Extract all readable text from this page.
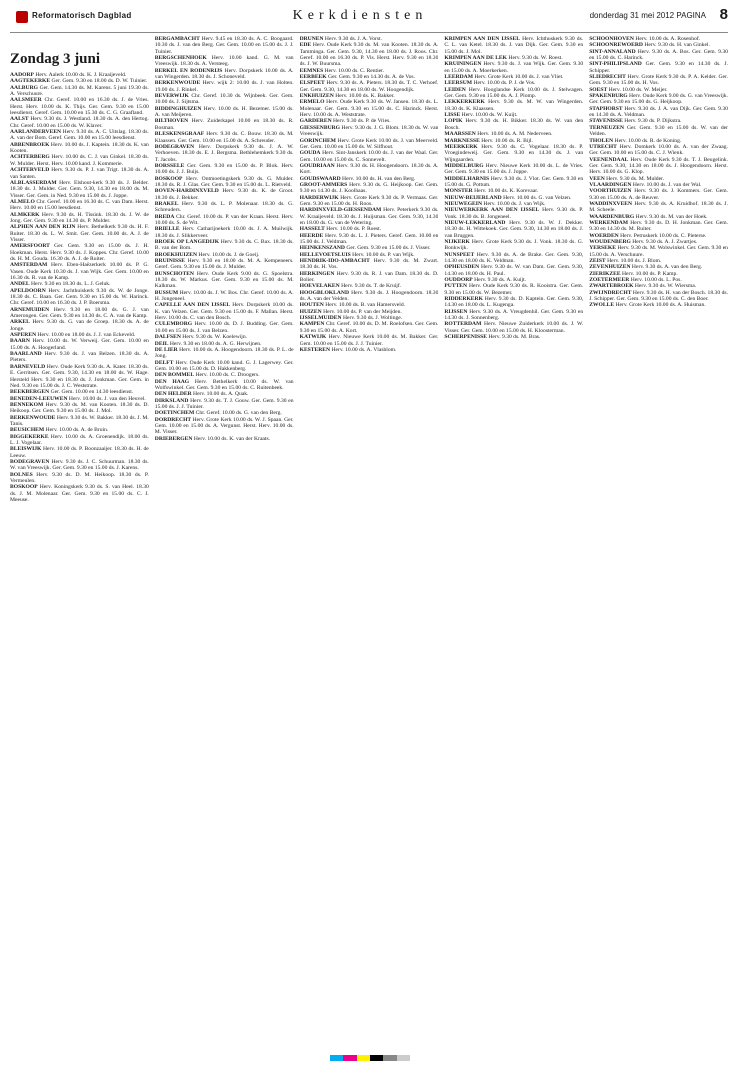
Reformatorisch Dagblad	Kerkdiensten	donderdag 31 mei 2012 PAGINA 8
Zondag 3 juni
AADORP Herv. Aalerk 10.00 ds. K. J. Kraaijeveld.
AAGTEKERKE Ger. Gem. 9.30 en 18.00 ds. D. W. Tuinier.
AALBURG Ger. Gem. 14.30 ds. M. Karens. 5 juni 19.30 ds. A. Verschuure.
AALSMEER Chr. Geref. 10.00 en 16.30 ds. J. de Vries. Herst. Herv. 10.00 ds. K. Thijs. Ger. Gem. 9.30 en 15.00 leesdienst. Geref. Gem. 10.00 en 15.30 ds. C. G. Graafland.
AALST Herv. 9.30 ds. J. Westland. 18.30 ds. A. den Hertog. Chr. Geref. 10.00 en 15.00 ds. W. Klaver.
AARLANDERVEEN Herv. 9.30 ds. A. C. Uitslag. 18.30 ds. A. van der Bom. Geref. Gem. 10.00 en 15.00 leesdienst.
ABBENBROEK Herv. 10.00 ds. J. Kaptein. 18.30 ds. K. van Kooten.
ACHTERBERG Herv. 10.00 ds. C. J. van Ginkel. 18.30 ds. W. Mulder. Herst. Herv. 10.00 kand. J. Kommerie.
ACHTERVELD Herv. 9.30 ds. P. J. van Trigt. 18.30 ds. A. van Santen.
ALBLASSERDAM Herv. Elshout-kerk 9.30 ds. J. Belder. 18.30 ds. J. Mulder. Ger. Gem. 9.30, 14.30 en 18.00 ds. M. Visser. Ger. Gem. in Ned. 9.30 en 15.00 ds. J. Joppe.
ALMELO Chr. Geref. 10.00 en 16.30 ds. C. van Dam. Herst. Herv. 10.00 en 15.00 leesdienst.
ALMKERK Herv. 9.30 ds. H. Tissink. 18.30 ds. J. W. de Jong. Ger. Gem. 9.30 en 14.30 ds. P. Mulder.
ALPHEN AAN DEN RIJN Herv. Bethelkerk 9.30 ds. H. F. Ruiter. 18.30 ds. L. W. Smit. Ger. Gem. 10.00 ds. A. J. de Visser.
AMERSFOORT Ger. Gem. 9.30 en 15.00 ds. J. H. Hoekman. Herst. Herv. 9.30 ds. J. Koppes. Chr. Geref. 10.00 ds. H. M. Gouda. 16.30 ds. A. J. de Ruiter.
AMSTERDAM Herv. Eben-Haëzerkerk 10.00 ds. P. G. Vasen. Oude Kerk 10.30 ds. J. van Wijk. Ger. Gem. 10.00 en 16.30 ds. R. van de Kamp.
ANDEL Herv. 9.30 en 18.30 ds. L. J. Geluk.
APELDOORN Herv. Jachthuiskerk 9.30 ds. W. de Jonge. 18.30 ds. C. Baan. Ger. Gem. 9.30 en 15.00 ds. W. Harinck. Chr. Geref. 10.00 en 16.30 ds. J. P. Boersma.
ARNEMUIDEN Herv. 9.30 en 18.00 ds. G. J. van Amerongen. Ger. Gem. 9.30 en 14.30 ds. C. A. van de Kamp.
ARKEL Herv. 9.30 ds. G. van de Groep. 18.30 ds. A. de Jonge.
ASPEREN Herv. 10.00 en 18.00 ds. J. J. van Eckeveld.
BAARN Herv. 10.00 ds. W. Verweij. Ger. Gem. 10.00 en 15.00 ds. A. Hoogerland.
BAARLAND Herv. 9.30 ds. J. van Belzen. 18.30 ds. A. Pieters.
BARNEVELD Herv. Oude Kerk 9.30 ds. A. Kater. 18.30 ds. E. Gerritsen. Ger. Gem. 9.30, 14.30 en 18.00 ds. W. Hage. Hersteld Herv. 9.30 en 18.30 ds. J. Jonkman. Ger. Gem. in Ned. 9.30 en 15.00 ds. J. C. Weststrate.
BEEKBERGEN Ger. Gem. 10.00 en 14.30 leesdienst.
BENEDEN-LEEUWEN Herv. 10.00 ds. J. van den Heuvel.
BENNEKOM Herv. 9.30 ds. M. van Kooten. 18.30 ds. D. Heikoop. Ger. Gem. 9.30 en 15.00 ds. J. Mol.
BERKENWOUDE Herv. 9.30 ds. W. Bakker. 18.30 ds. J. M. Tanis.
BEUSICHEM Herv. 10.00 ds. A. de Bruin.
BIGGEKERKE Herv. 10.00 ds. A. Groenendijk. 18.00 ds. L. J. Vogelaar.
BLEISWIJK Herv. 10.00 ds. P. Boonzaaijer. 18.30 ds. H. de Leeuw.
BODEGRAVEN Herv. 9.30 ds. J. C. Schuurman. 18.30 ds. W. van Vreeswijk. Ger. Gem. 9.30 en 15.00 ds. J. Karens.
BOLNES Herv. 9.30 ds. D. M. Heikoop. 18.30 ds. P. Vermeulen.
BOSKOOP Herv. Koningskerk 9.30 ds. S. van Heel. 18.30 ds. J. M. Molenaar. Ger. Gem. 9.30 en 15.00 ds. C. J. Meeuse.
BERGAMBACHT Herv. 9.45 en 18.30 ds. A. C. Boogaard. 10.30 ds. J. van den Berg. Ger. Gem. 10.00 en 15.00 ds. J. J. Tuinier.
BERGSCHENHOEK Herv. 10.00 kand. G. M. van Vreeswijk. 18.30 ds. A. Versteeg.
BERKEL EN RODENRIJS Herv. Dorpskerk 10.00 ds. A. van Wingerden. 18.30 ds. J. Schoneveld.
BERKENWOUDE Herv. wijk 2: 10.00 ds. J. van Holten. 19.00 ds. J. Rinkel.
BEVERWIJK Chr. Geref. 10.30 ds. Wijnbeek. Ger. Gem. 10.00 ds. J. Sijtsma.
BIDDINGHUIZEN Herv. 10.00 ds. H. Bezemer. 15.00 ds. A. van Meijeren.
BILTHOVEN Herv. Zuiderkapel 10.00 en 18.30 ds. R. Bosman.
BLESKENSGRAAF Herv. 9.30 ds. C. Bouw. 18.30 ds. M. Klaassen. Ger. Gem. 10.00 en 15.00 ds. A. Schreuder.
BODEGRAVEN Herv. Dorpskerk 9.30 ds. J. A. W. Verhoeven. 18.30 ds. E. J. Bergsma. Bethlehemkerk 9.30 ds. T. Jacobs.
BORSSELE Ger. Gem. 9.30 en 15.00 ds. P. Blok. Herv. 10.00 ds. J. J. Buijs.
BOSKOOP Herv. Ontmoetingskerk 9.30 ds. G. Mulder. 18.30 ds. R. J. Glas. Ger. Gem. 9.30 en 15.00 ds. L. Rietveld.
BOVEN-HARDINXVELD Herv. 9.30 ds. K. de Groot. 18.30 ds. J. Bekker.
BRAKEL Herv. 9.30 ds. L. P. Molenaar. 18.30 ds. G. Schreuders.
BREDA Chr. Geref. 10.00 ds. P. van der Kraan. Herst. Herv. 10.00 ds. S. de Wit.
BRIELLE Herv. Catharijnekerk 10.00 ds. J. A. Muilwijk. 18.30 ds. J. Slikkerveer.
BROEK OP LANGEDIJK Herv. 9.30 ds. C. Bax. 18.30 ds. B. van der Bom.
BROEKHUIZEN Herv. 10.00 ds. J. de Goeij.
BRUINISSE Herv. 9.30 en 18.00 ds. M. A. Kempeneers. Geref. Gem. 9.30 en 15.00 ds. J. Mulder.
BUNSCHOTEN Herv. Oude Kerk 9.00 ds. G. Spoelstra. 18.30 ds. W. Markus. Ger. Gem. 9.30 en 15.00 ds. M. Kalkman.
BUSSUM Herv. 10.00 ds. J. W. Bos. Chr. Geref. 10.00 ds. A. H. Jongeneel.
CAPELLE AAN DEN IJSSEL Herv. Dorpskerk 10.00 ds. K. van Velzen. Ger. Gem. 9.30 en 15.00 ds. F. Mallan. Herst. Herv. 10.00 ds. C. van den Bosch.
CULEMBORG Herv. 10.00 ds. D. J. Budding. Ger. Gem. 10.00 en 15.00 ds. J. van Belzen.
DALFSEN Herv. 9.30 ds. W. Koelewijn.
DEIL Herv. 9.30 en 18.00 ds. A. G. Herwijnen.
DE LIER Herv. 10.00 ds. A. Hoogendoorn. 18.30 ds. P. L. de Jong.
DELFT Herv. Oude Kerk 10.00 kand. G. J. Lagerwey. Ger. Gem. 10.00 en 15.00 ds. D. Hakkenberg.
DEN BOMMEL Herv. 10.00 ds. C. Droogers.
DEN HAAG Herv. Bethelkerk 10.00 ds. W. van Wolfswinkel. Ger. Gem. 9.30 en 15.00 ds. C. Ruitenbeek.
DEN HELDER Herv. 10.00 ds. A. Quak.
DIRKSLAND Herv. 9.30 ds. T. J. Gouw. Ger. Gem. 9.30 en 15.00 ds. J. J. Tuinier.
DOETINCHEM Chr. Geref. 10.00 ds. G. van den Berg.
DORDRECHT Herv. Grote Kerk 10.00 ds. W. J. Spaan. Ger. Gem. 10.00 en 15.00 ds. A. Vergunst. Herst. Herv. 10.00 ds. M. Visser.
DRIEBERGEN Herv. 10.00 ds. K. van der Kraats.
DRUNEN Herv. 9.30 ds. J. A. Vorst.
EDE Herv. Oude Kerk 9.30 ds. M. van Kooten. 18.30 ds. A. Tamminga. Ger. Gem. 9.30, 14.30 en 18.00 ds. J. Roos. Chr. Geref. 10.00 en 16.30 ds. P. Vis. Herst. Herv. 9.30 en 18.30 ds. J. W. Buursma.
EEMNES Herv. 10.00 ds. C. Rentier.
EERBEEK Ger. Gem. 9.30 en 14.30 ds. A. de Vos.
ELSPEET Herv. 9.30 ds. A. Pieters. 18.30 ds. T. C. Verhoef. Ger. Gem. 9.30, 14.30 en 18.00 ds. W. Hoogendijk.
ENKHUIZEN Herv. 10.00 ds. K. Bakker.
ERMELO Herv. Oude Kerk 9.30 ds. W. Jansen. 18.30 ds. L. Molenaar. Ger. Gem. 9.30 en 15.00 ds. C. Harinck. Herst. Herv. 10.00 ds. A. Weststrate.
GARDEREN Herv. 9.30 ds. P. de Vries.
GIESSENBURG Herv. 9.30 ds. J. G. Blom. 18.30 ds. W. van Vreeswijk.
GORINCHEM Herv. Grote Kerk 10.00 ds. J. van Meerveld. Ger. Gem. 10.00 en 15.00 ds. W. Silfhout.
GOUDA Herv. Sint-Janskerk 10.00 ds. J. van der Waal. Ger. Gem. 10.00 en 15.00 ds. C. Sonnevelt.
GOUDRIAAN Herv. 9.30 ds. H. Hoogendoorn. 18.30 ds. A. Kort.
GOUDSWAARD Herv. 10.00 ds. H. van den Berg.
GROOT-AMMERS Herv. 9.30 ds. G. Heijkoop. Ger. Gem. 9.30 en 14.30 ds. J. Koolhaas.
HARDERWIJK Herv. Grote Kerk 9.30 ds. P. Vermaas. Ger. Gem. 9.30 en 15.00 ds. H. Roos.
HARDINXVELD-GIESSENDAM Herv. Peterkerk 9.30 ds. W. Kraaijeveld. 18.30 ds. J. Huijsman. Ger. Gem. 9.30, 14.30 en 18.00 ds. G. van de Wetering.
HASSELT Herv. 10.00 ds. P. Roest.
HEERDE Herv. 9.30 ds. L. J. Pieters. Geref. Gem. 10.00 en 15.00 ds. J. Veldman.
HEINKENSZAND Ger. Gem. 9.30 en 15.00 ds. J. Visser.
HELLEVOETSLUIS Herv. 10.00 ds. P. van Wijk.
HENDRIK-IDO-AMBACHT Herv. 9.30 ds. M. Zwart. 18.30 ds. H. Vos.
HERKINGEN Herv. 9.30 ds. R. J. van Dam. 18.30 ds. D. Bolier.
HOEVELAKEN Herv. 9.30 ds. T. de Kruijf.
HOOGBLOKLAND Herv. 9.30 ds. J. Hoogendoorn. 18.30 ds. A. van der Velden.
HOUTEN Herv. 10.00 ds. B. van Hamersveld.
HUIZEN Herv. 10.00 ds. P. van der Meijden.
IJSSELMUIDEN Herv. 9.30 ds. J. Woltinge.
KAMPEN Chr. Geref. 10.00 ds. D. M. Roelofsen. Ger. Gem. 9.30 en 15.00 ds. A. Kort.
KATWIJK Herv. Nieuwe Kerk 10.00 ds. M. Bakker. Ger. Gem. 10.00 en 15.00 ds. J. J. Tuinier.
KESTEREN Herv. 10.00 ds. A. Vlasblom.
KRIMPEN AAN DEN IJSSEL Herv. Ichthuskerk 9.30 ds. C. L. van Ketel. 18.30 ds. J. van Dijk. Ger. Gem. 9.30 en 15.00 ds. J. Mol.
KRIMPEN AAN DE LEK Herv. 9.30 ds. W. Roest.
KRUININGEN Herv. 9.30 ds. J. van Wijk. Ger. Gem. 9.30 en 15.00 ds. A. Moerkerken.
LEERDAM Herv. Grote Kerk 10.00 ds. J. van Vliet.
LEERSUM Herv. 10.00 ds. P. J. de Vos.
LEIDEN Herv. Hooglandse Kerk 10.00 ds. J. Stelwagen. Ger. Gem. 9.30 en 15.00 ds. A. J. Plomp.
LEKKERKERK Herv. 9.30 ds. M. W. van Wingerden. 18.30 ds. K. Klaassen.
LISSE Herv. 10.00 ds. W. Kuijt.
LOPIK Herv. 9.30 ds. H. Bikker. 18.30 ds. W. van den Bosch.
MAARSSEN Herv. 10.00 ds. A. M. Nederveen.
MARKNESSE Herv. 10.00 ds. R. Bijl.
MEERKERK Herv. 9.30 ds. C. Vogelaar. 18.30 ds. P. Vroegindeweij. Ger. Gem. 9.30 en 14.30 ds. J. van Wijngaarden.
MIDDELBURG Herv. Nieuwe Kerk 10.00 ds. L. de Vries. Ger. Gem. 9.30 en 15.00 ds. J. Joppe.
MIDDELHARNIS Herv. 9.30 ds. J. Vlot. Ger. Gem. 9.30 en 15.00 ds. G. Pottum.
MONSTER Herv. 10.00 ds. K. Korevaar.
NIEUW-BEIJERLAND Herv. 10.00 ds. G. van Velzen.
NIEUWEGEIN Herv. 10.00 ds. J. van Wijk.
NIEUWERKERK AAN DEN IJSSEL Herv. 9.30 ds. P. Vonk. 18.30 ds. B. Jongeneel.
NIEUW-LEKKERLAND Herv. 9.30 ds. W. J. Dekker. 18.30 ds. H. Wittekoek. Ger. Gem. 9.30, 14.30 en 18.00 ds. J. van Bruggen.
NIJKERK Herv. Grote Kerk 9.30 ds. J. Vonk. 18.30 ds. G. Bonkwijk.
NUNSPEET Herv. 9.30 ds. A. de Brake. Ger. Gem. 9.30, 14.30 en 18.00 ds. K. Veldman.
OPHEUSDEN Herv. 9.30 ds. W. van Dam. Ger. Gem. 9.30, 14.30 en 18.00 ds. H. Paul.
OUDDORP Herv. 9.30 ds. A. Kuijt.
PUTTEN Herv. Oude Kerk 9.30 ds. R. Kooistra. Ger. Gem. 9.30 en 15.00 ds. W. Bezemer.
RIDDERKERK Herv. 9.30 ds. D. Kaptein. Ger. Gem. 9.30, 14.30 en 18.00 ds. L. Kugenga.
RIJSSEN Herv. 9.30 ds. A. Vreugdenhil. Ger. Gem. 9.30 en 14.30 ds. J. Sonnenberg.
ROTTERDAM Herv. Nieuwe Zuiderkerk 10.00 ds. J. W. Visser. Ger. Gem. 10.00 en 15.00 ds. H. Kloosterman.
SCHERPENISSE Herv. 9.30 ds. M. Bras.
SCHOONHOVEN Herv. 10.00 ds. A. Rosenhof.
SCHOONREWOERD Herv. 9.30 ds. H. van Ginkel.
SINT-ANNALAND Herv. 9.30 ds. A. Bos. Ger. Gem. 9.30 en 15.00 ds. C. Harinck.
SINT-PHILIPSLAND Ger. Gem. 9.30 en 14.30 ds. J. Schipper.
SLIEDRECHT Herv. Grote Kerk 9.30 ds. P. A. Kelder. Ger. Gem. 9.30 en 15.00 ds. H. Vos.
SOEST Herv. 10.00 ds. W. Meijer.
SPAKENBURG Herv. Oude Kerk 9.00 ds. G. van Vreeswijk. Ger. Gem. 9.30 en 15.00 ds. G. Heijkoop.
STAPHORST Herv. 9.30 ds. J. A. van Dijk. Ger. Gem. 9.30 en 14.30 ds. A. Veldman.
STAVENISSE Herv. 9.30 ds. P. Dijkstra.
TERNEUZEN Ger. Gem. 9.30 en 15.00 ds. W. van der Velden.
THOLEN Herv. 10.00 ds. R. de Koning.
UTRECHT Herv. Domkerk 10.00 ds. A. van der Zwaag. Ger. Gem. 10.00 en 15.00 ds. C. J. Wienk.
VEENENDAAL Herv. Oude Kerk 9.30 ds. T. J. Beugelink. Ger. Gem. 9.30, 14.30 en 18.00 ds. J. Hoogendoorn. Herst. Herv. 10.00 ds. G. Klop.
VEEN Herv. 9.30 ds. M. Mulder.
VLAARDINGEN Herv. 10.00 ds. J. van der Wal.
VOORTHUIZEN Herv. 9.30 ds. J. Kommers. Ger. Gem. 9.30 en 15.00 ds. A. de Reuver.
WADDINXVEEN Herv. 9.30 ds. A. Kruidhof. 18.30 ds. J. M. Scheele.
WAARDENBURG Herv. 9.30 ds. M. van der Hoek.
WERKENDAM Herv. 9.30 ds. D. H. Jonkman. Ger. Gem. 9.30 en 14.30 ds. M. Ruiter.
WOERDEN Herv. Petruskerk 10.00 ds. C. Pieterse.
WOUDENBERG Herv. 9.30 ds. A. J. Zwartjes.
YERSEKE Herv. 9.30 ds. M. Wolswinkel. Ger. Gem. 9.30 en 15.00 ds. A. Verschuure.
ZEIST Herv. 10.00 ds. J. Blom.
ZEVENHUIZEN Herv. 9.30 ds. A. van den Berg.
ZIERIKZEE Herv. 10.00 ds. P. Kamp.
ZOETERMEER Herv. 10.00 ds. L. Pos.
ZWARTEBROEK Herv. 9.30 ds. W. Wiersma.
ZWIJNDRECHT Herv. 9.30 ds. H. van der Bosch. 18.30 ds. J. Schipper. Ger. Gem. 9.30 en 15.00 ds. C. den Boer.
ZWOLLE Herv. Grote Kerk 10.00 ds. A. Huisman.
